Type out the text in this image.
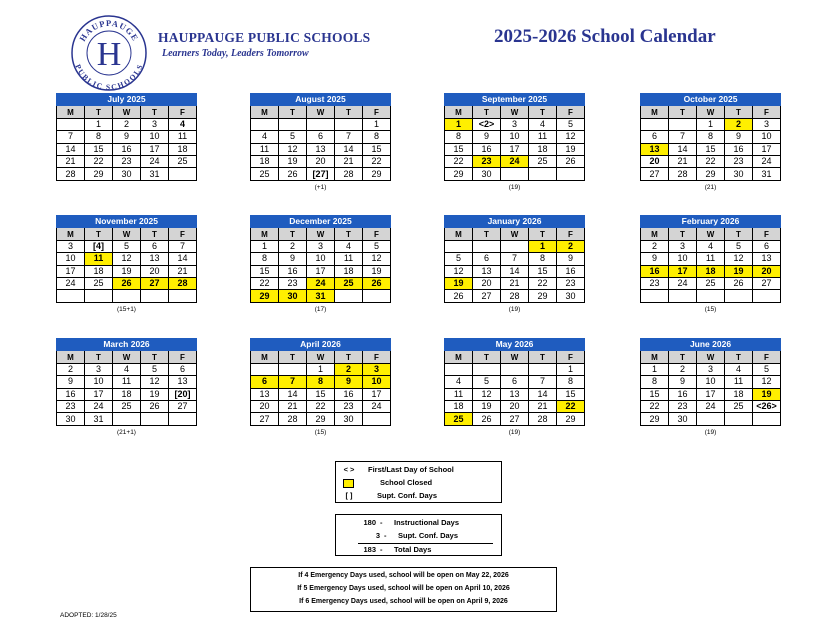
HAUPPAUGE
PUBLIC SCHOOLS
H	HAUPPAUGE PUBLIC SCHOOLS
Learners Today, Leaders Tomorrow
2025-2026 School Calendar
July 2025				
M	T	W	T	F
	1	2	3	4
7	8	9	10	11
14	15	16	17	18
21	22	23	24	25
28	29	30	31	
August 2025				
M	T	W	T	F
				1
4	5	6	7	8
11	12	13	14	15
18	19	20	21	22
25	26	[27]	28	29
(+1)
September 2025				
M	T	W	T	F
1	<2>	3	4	5
8	9	10	11	12
15	16	17	18	19
22	23	24	25	26
29	30			
(19)
October 2025				
M	T	W	T	F
		1	2	3
6	7	8	9	10
13	14	15	16	17
20	21	22	23	24
27	28	29	30	31
(21)
November 2025				
M	T	W	T	F
3	[4]	5	6	7
10	11	12	13	14
17	18	19	20	21
24	25	26	27	28

(15+1)
December 2025				
M	T	W	T	F
1	2	3	4	5
8	9	10	11	12
15	16	17	18	19
22	23	24	25	26
29	30	31		
(17)
January 2026				
M	T	W	T	F
			1	2
5	6	7	8	9
12	13	14	15	16
19	20	21	22	23
26	27	28	29	30
(19)
February 2026				
M	T	W	T	F
2	3	4	5	6
9	10	11	12	13
16	17	18	19	20
23	24	25	26	27

(15)
March 2026				
M	T	W	T	F
2	3	4	5	6
9	10	11	12	13
16	17	18	19	[20]
23	24	25	26	27
30	31			
(21+1)
April 2026				
M	T	W	T	F
		1	2	3
6	7	8	9	10
13	14	15	16	17
20	21	22	23	24
27	28	29	30	
(15)
May 2026				
M	T	W	T	F
				1
4	5	6	7	8
11	12	13	14	15
18	19	20	21	22
25	26	27	28	29
(19)
June 2026				
M	T	W	T	F
1	2	3	4	5
8	9	10	11	12
15	16	17	18	19
22	23	24	25	<26>
29	30			
(19)
< > First/Last Day of School
School Closed
[ ]	Supt. Conf. Days
180 - Instructional Days
3 - Supt. Conf. Days
183 - Total Days
If 4 Emergency Days used, school will be open on May 22, 2026
If 5 Emergency Days used, school will be open on April 10, 2026
If 6 Emergency Days used, school will be open on April 9, 2026
ADOPTED: 1/28/25
